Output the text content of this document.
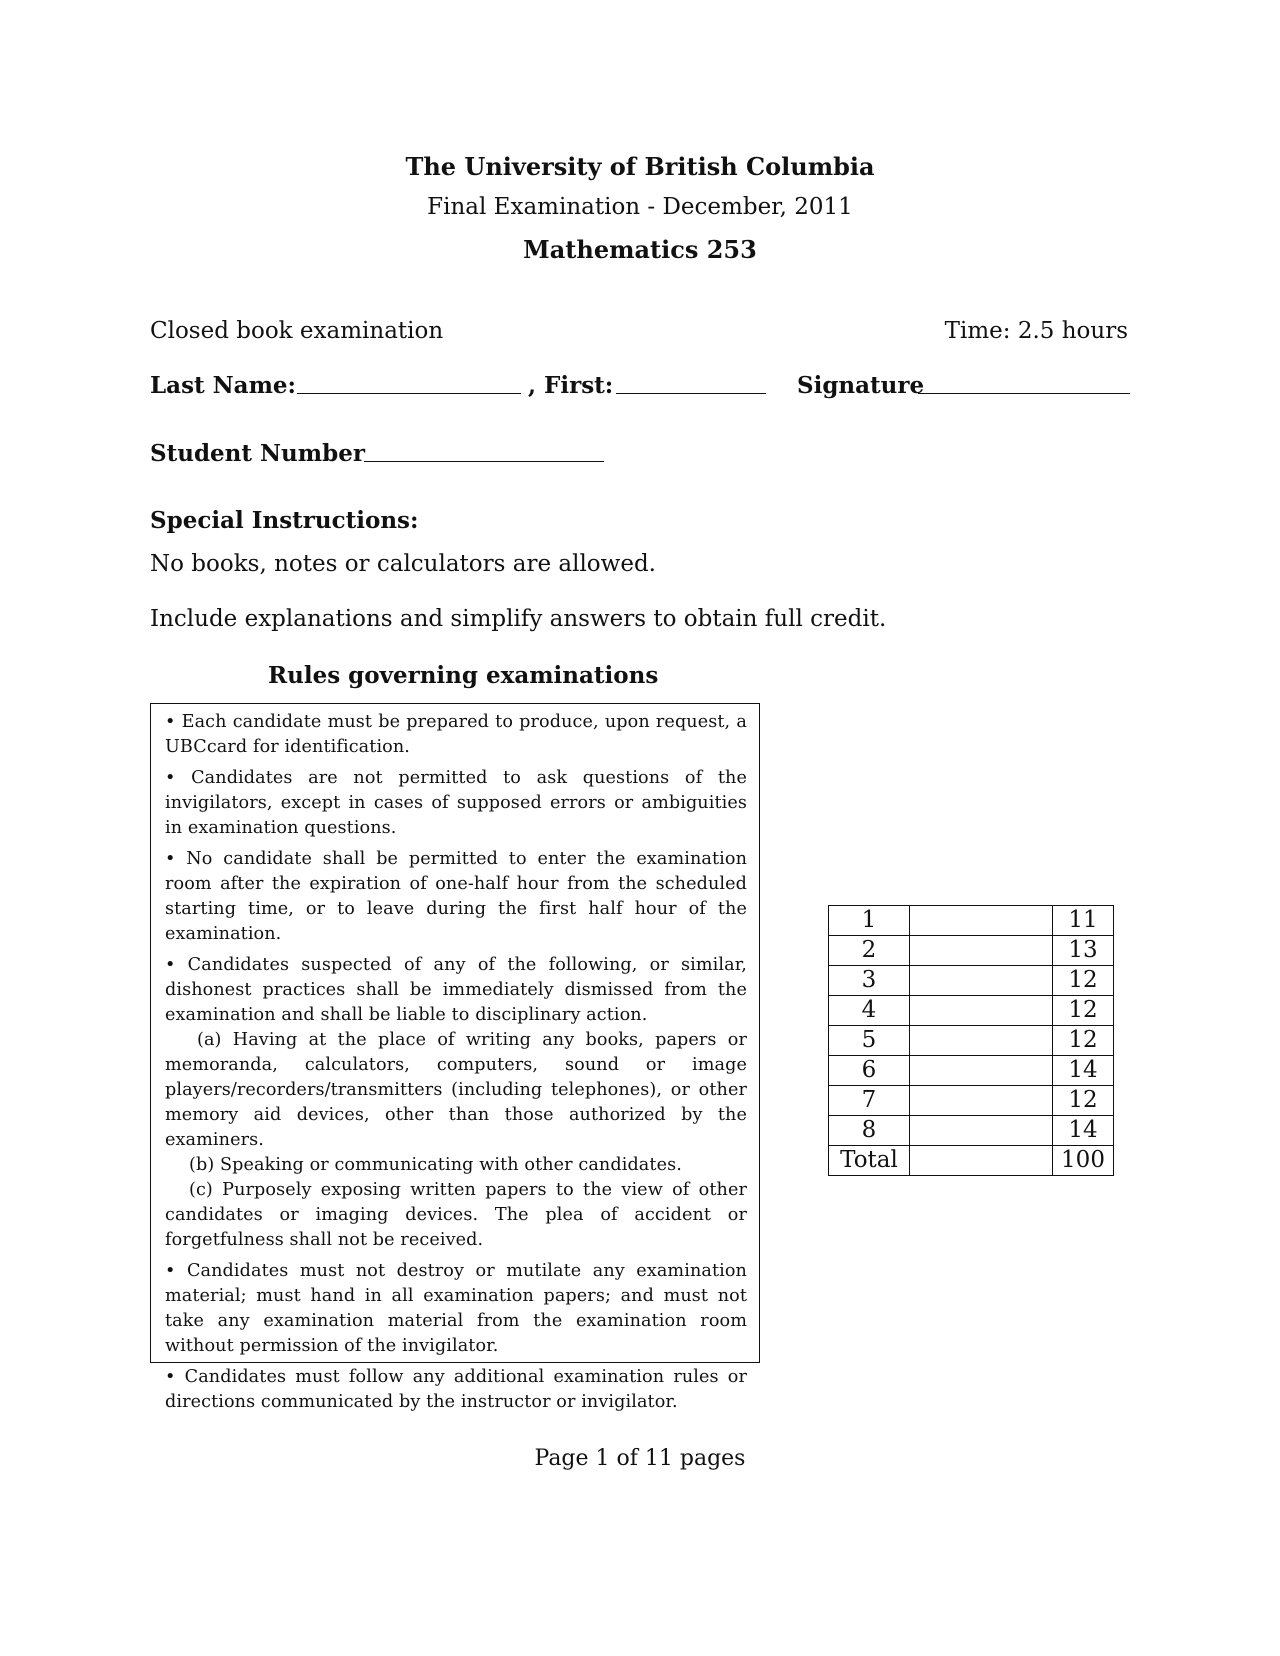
The University of British Columbia
Final Examination - December, 2011
Mathematics 253
Closed book examination	Time: 2.5 hours
Last Name:	, First:	Signature
Student Number
Special Instructions:
No books, notes or calculators are allowed.
Include explanations and simplify answers to obtain full credit.
Rules governing examinations

• Each candidate must be prepared to produce, upon request, a UBCcard for identification.

• Candidates are not permitted to ask questions of the invigilators, except in cases of supposed errors or ambiguities in examination questions.

• No candidate shall be permitted to enter the examination room after the expiration of one-half hour from the scheduled starting time, or to leave during the first half hour of the examination.

• Candidates suspected of any of the following, or similar, dishonest practices shall be immediately dismissed from the examination and shall be liable to disciplinary action.

(a) Having at the place of writing any books, papers or memoranda, calculators, computers, sound or image players/recorders/transmitters (including telephones), or other memory aid devices, other than those authorized by the examiners.

(b) Speaking or communicating with other candidates.

(c) Purposely exposing written papers to the view of other candidates or imaging devices. The plea of accident or forgetfulness shall not be received.

• Candidates must not destroy or mutilate any examination material; must hand in all examination papers; and must not take any examination material from the examination room without permission of the invigilator.

• Candidates must follow any additional examination rules or directions communicated by the instructor or invigilator.

1		11
2		13
3		12
4		12
5		12
6		14
7		12
8		14
Total		100
Page 1 of 11 pages
